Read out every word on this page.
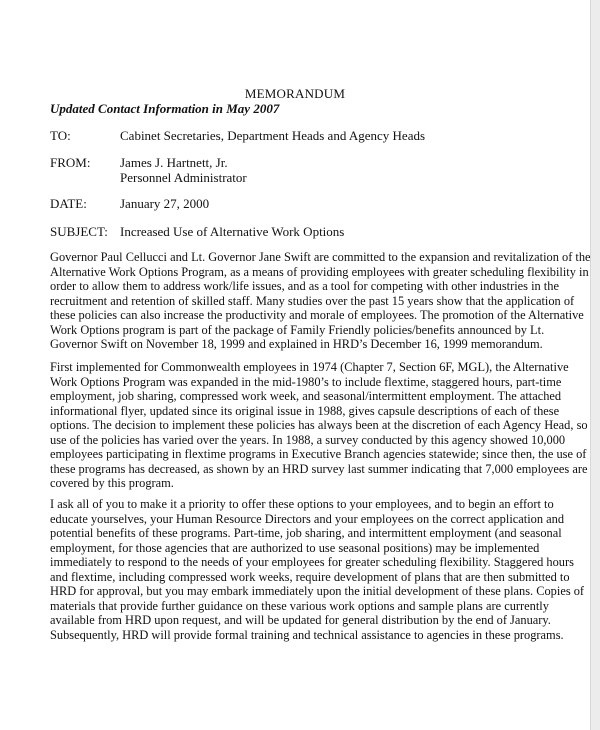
MEMORANDUM
Updated Contact Information in May 2007
TO:	Cabinet Secretaries, Department Heads and Agency Heads
FROM: James J. Hartnett, Jr.
Personnel Administrator
DATE:	January 27, 2000
SUBJECT: Increased Use of Alternative Work Options
Governor Paul Cellucci and Lt. Governor Jane Swift are committed to the expansion and revitalization of the
Alternative Work Options Program, as a means of providing employees with greater scheduling flexibility in
order to allow them to address work/life issues, and as a tool for competing with other industries in the
recruitment and retention of skilled staff. Many studies over the past 15 years show that the application of
these policies can also increase the productivity and morale of employees. The promotion of the Alternative
Work Options program is part of the package of Family Friendly policies/benefits announced by Lt.
Governor Swift on November 18, 1999 and explained in HRD’s December 16, 1999 memorandum.
First implemented for Commonwealth employees in 1974 (Chapter 7, Section 6F, MGL), the Alternative
Work Options Program was expanded in the mid-1980’s to include flextime, staggered hours, part-time
employment, job sharing, compressed work week, and seasonal/intermittent employment. The attached
informational flyer, updated since its original issue in 1988, gives capsule descriptions of each of these
options. The decision to implement these policies has always been at the discretion of each Agency Head, so
use of the policies has varied over the years. In 1988, a survey conducted by this agency showed 10,000
employees participating in flextime programs in Executive Branch agencies statewide; since then, the use of
these programs has decreased, as shown by an HRD survey last summer indicating that 7,000 employees are
covered by this program.
I ask all of you to make it a priority to offer these options to your employees, and to begin an effort to
educate yourselves, your Human Resource Directors and your employees on the correct application and
potential benefits of these programs. Part-time, job sharing, and intermittent employment (and seasonal
employment, for those agencies that are authorized to use seasonal positions) may be implemented
immediately to respond to the needs of your employees for greater scheduling flexibility. Staggered hours
and flextime, including compressed work weeks, require development of plans that are then submitted to
HRD for approval, but you may embark immediately upon the initial development of these plans. Copies of
materials that provide further guidance on these various work options and sample plans are currently
available from HRD upon request, and will be updated for general distribution by the end of January.
Subsequently, HRD will provide formal training and technical assistance to agencies in these programs.
